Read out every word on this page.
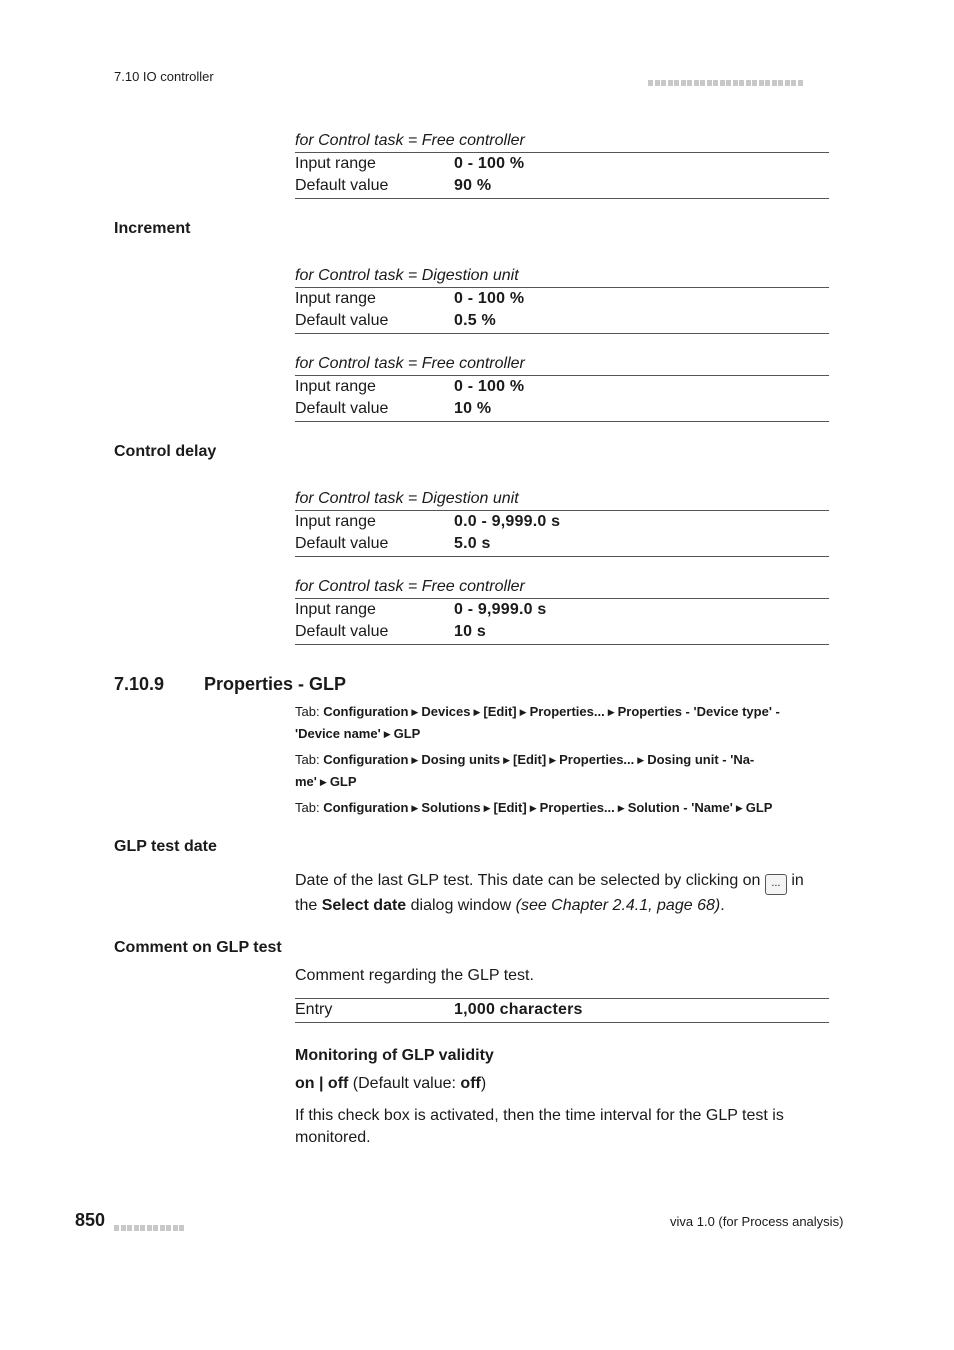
7.10 IO controller
for Control task = Free controller
Input range	0 - 100 %
Default value	90 %
Increment
for Control task = Digestion unit
Input range	0 - 100 %
Default value	0.5 %
for Control task = Free controller
Input range	0 - 100 %
Default value	10 %
Control delay
for Control task = Digestion unit
Input range	0.0 - 9,999.0 s
Default value	5.0 s
for Control task = Free controller
Input range	0 - 9,999.0 s
Default value	10 s
7.10.9 Properties - GLP
Tab: Configuration ▶ Devices ▶ [Edit] ▶ Properties... ▶ Properties - 'Device type' -
'Device name' ▶ GLP
Tab: Configuration ▶ Dosing units ▶ [Edit] ▶ Properties... ▶ Dosing unit - 'Na-
me' ▶ GLP
Tab: Configuration ▶ Solutions ▶ [Edit] ▶ Properties... ▶ Solution - 'Name' ▶ GLP
GLP test date
Date of the last GLP test. This date can be selected by clicking on ... in
the Select date dialog window (see Chapter 2.4.1, page 68).
Comment on GLP test
Comment regarding the GLP test.
Entry	1,000 characters
Monitoring of GLP validity
on | off (Default value: off)
If this check box is activated, then the time interval for the GLP test is
monitored.
850	viva 1.0 (for Process analysis)
